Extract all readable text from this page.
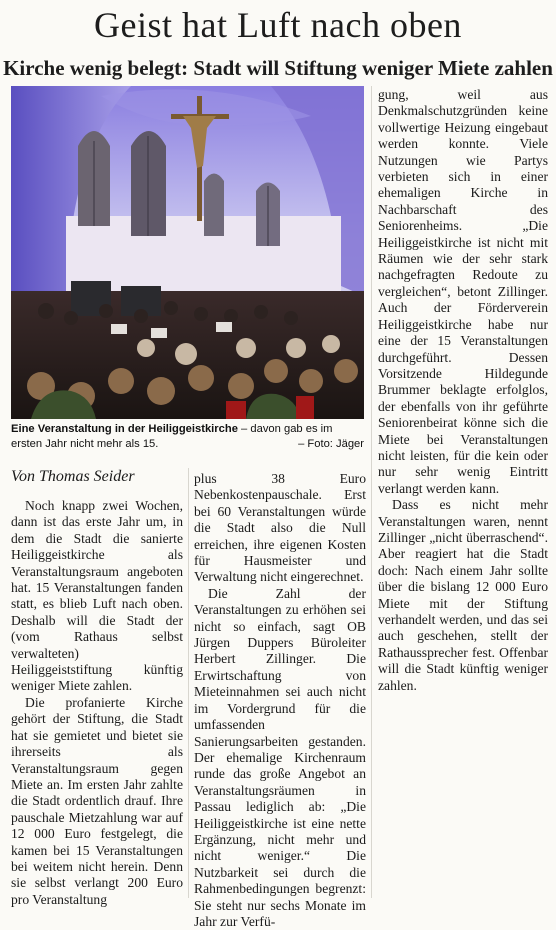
Geist hat Luft nach oben
Kirche wenig belegt: Stadt will Stiftung weniger Miete zahlen
Eine Veranstaltung in der Heiliggeistkirche – davon gab es im ersten Jahr nicht mehr als 15.	– Foto: Jäger
Von Thomas Seider

Noch knapp zwei Wochen, dann ist das erste Jahr um, in dem die Stadt die sanierte Heiliggeistkirche als Veranstaltungsraum angeboten hat. 15 Veranstaltungen fanden statt, es blieb Luft nach oben. Deshalb will die Stadt der (vom Rathaus selbst verwalteten) Heiliggeiststiftung künftig weniger Miete zahlen.

Die profanierte Kirche gehört der Stiftung, die Stadt hat sie gemietet und bietet sie ihrerseits als Veranstaltungsraum gegen Miete an. Im ersten Jahr zahlte die Stadt ordentlich drauf. Ihre pauschale Mietzahlung war auf 12 000 Euro festgelegt, die kamen bei 15 Veranstaltungen bei weitem nicht herein. Denn sie selbst verlangt 200 Euro pro Veranstaltung

plus 38 Euro Nebenkostenpauschale. Erst bei 60 Veranstaltungen würde die Stadt also die Null erreichen, ihre eigenen Kosten für Hausmeister und Verwaltung nicht eingerechnet.

Die Zahl der Veranstaltungen zu erhöhen sei nicht so einfach, sagt OB Jürgen Duppers Büroleiter Herbert Zillinger. Die Erwirtschaftung von Mieteinnahmen sei auch nicht im Vordergrund für die umfassenden Sanierungsarbeiten gestanden. Der ehemalige Kirchenraum runde das große Angebot an Veranstaltungsräumen in Passau lediglich ab: „Die Heiliggeistkirche ist eine nette Ergänzung, nicht mehr und nicht weniger.“ Die Nutzbarkeit sei durch die Rahmenbedingungen begrenzt: Sie steht nur sechs Monate im Jahr zur Verfü-

gung, weil aus Denkmalschutzgründen keine vollwertige Heizung eingebaut werden konnte. Viele Nutzungen wie Partys verbieten sich in einer ehemaligen Kirche in Nachbarschaft des Seniorenheims. „Die Heiliggeistkirche ist nicht mit Räumen wie der sehr stark nachgefragten Redoute zu vergleichen“, betont Zillinger. Auch der Förderverein Heiliggeistkirche habe nur eine der 15 Veranstaltungen durchgeführt. Dessen Vorsitzende Hildegunde Brummer beklagte erfolglos, der ebenfalls von ihr geführte Seniorenbeirat könne sich die Miete bei Veranstaltungen nicht leisten, für die kein oder nur sehr wenig Eintritt verlangt werden kann.

Dass es nicht mehr Veranstaltungen waren, nennt Zillinger „nicht überraschend“. Aber reagiert hat die Stadt doch: Nach einem Jahr sollte über die bislang 12 000 Euro Miete mit der Stiftung verhandelt werden, und das sei auch geschehen, stellt der Rathaussprecher fest. Offenbar will die Stadt künftig weniger zahlen.
